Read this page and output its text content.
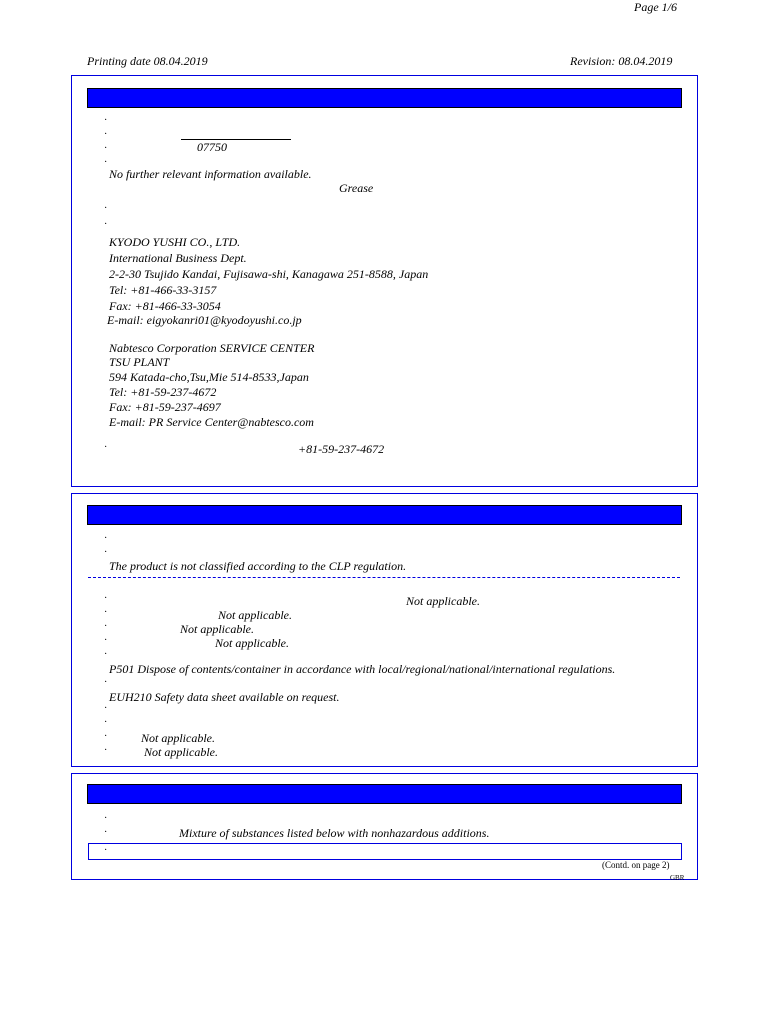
Page 1/6
Printing date 08.04.2019	Revision: 08.04.2019
·
·
·	07750
·
No further relevant information available.
Grease
·
·
KYODO YUSHI CO., LTD.
International Business Dept.
2-2-30 Tsujido Kandai, Fujisawa-shi, Kanagawa 251-8588, Japan
Tel: +81-466-33-3157
Fax: +81-466-33-3054
E-mail: eigyokanri01@kyodoyushi.co.jp
Nabtesco Corporation SERVICE CENTER
TSU PLANT
594 Katada-cho,Tsu,Mie 514-8533,Japan
Tel: +81-59-237-4672
Fax: +81-59-237-4697
E-mail: PR Service Center@nabtesco.com
·	+81-59-237-4672
·
·
The product is not classified according to the CLP regulation.
·	Not applicable.
·	Not applicable.
·	Not applicable.
·	Not applicable.
·
P501 Dispose of contents/container in accordance with local/regional/national/international regulations.
·
EUH210 Safety data sheet available on request.
·
·
·	Not applicable.
·	Not applicable.
·
·	Mixture of substances listed below with nonhazardous additions.
·
(Contd. on page 2)
GBR
